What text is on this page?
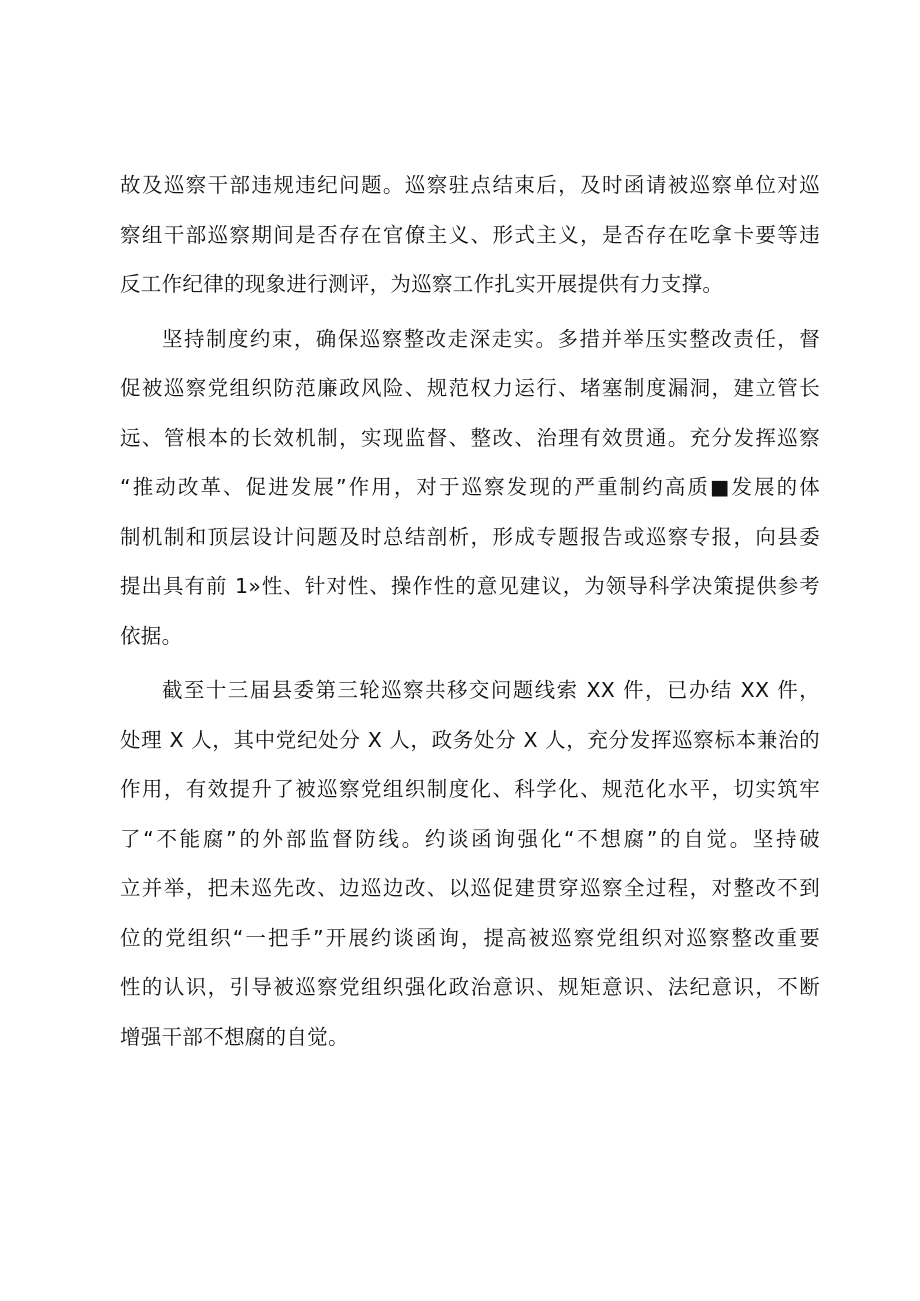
故及巡察干部违规违纪问题。巡察驻点结束后，及时函请被巡察单位对巡
察组干部巡察期间是否存在官僚主义、形式主义，是否存在吃拿卡要等违
反工作纪律的现象进行测评，为巡察工作扎实开展提供有力支撑。
坚持制度约束，确保巡察整改走深走实。多措并举压实整改责任，督
促被巡察党组织防范廉政风险、规范权力运行、堵塞制度漏洞，建立管长
远、管根本的长效机制，实现监督、整改、治理有效贯通。充分发挥巡察
“推动改革、促进发展”作用，对于巡察发现的严重制约高质■发展的体
制机制和顶层设计问题及时总结剖析，形成专题报告或巡察专报，向县委
提出具有前 1»性、针对性、操作性的意见建议，为领导科学决策提供参考
依据。
截至十三届县委第三轮巡察共移交问题线索 XX 件，已办结 XX 件，
处理 X 人，其中党纪处分 X 人，政务处分 X 人，充分发挥巡察标本兼治的
作用，有效提升了被巡察党组织制度化、科学化、规范化水平，切实筑牢
了“不能腐”的外部监督防线。约谈函询强化“不想腐”的自觉。坚持破
立并举，把未巡先改、边巡边改、以巡促建贯穿巡察全过程，对整改不到
位的党组织“一把手”开展约谈函询，提高被巡察党组织对巡察整改重要
性的认识，引导被巡察党组织强化政治意识、规矩意识、法纪意识，不断
增强干部不想腐的自觉。
